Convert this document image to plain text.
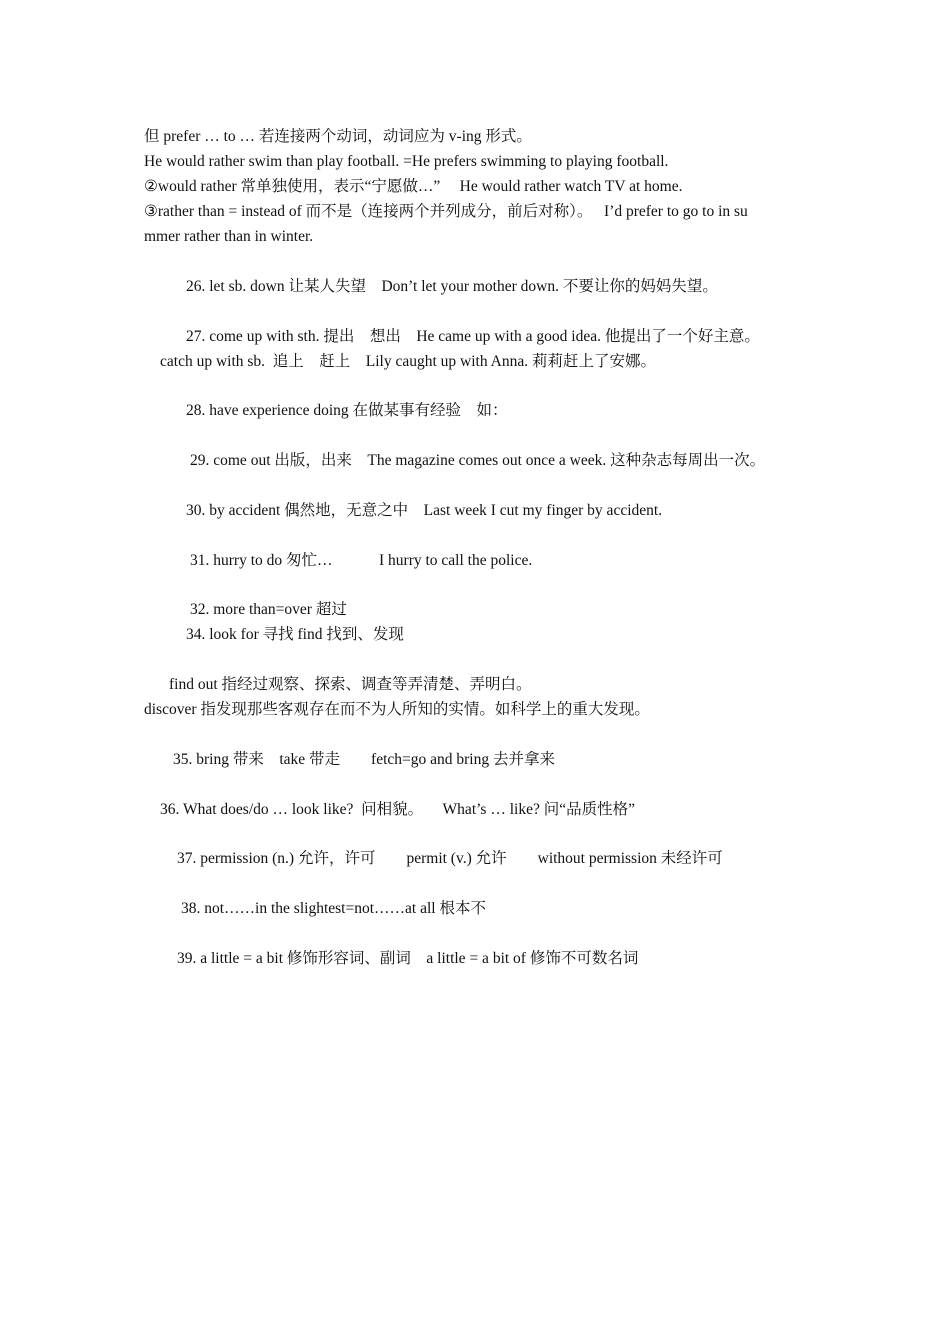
但 prefer … to … 若连接两个动词，动词应为 v-ing 形式。
He would rather swim than play football. =He prefers swimming to playing football.
②would rather 常单独使用，表示“宁愿做…”     He would rather watch TV at home.
③rather than = instead of 而不是（连接两个并列成分，前后对称）。   I’d prefer to go to in su
mmer rather than in winter.
26. let sb. down 让某人失望    Don’t let your mother down. 不要让你的妈妈失望。
27. come up with sth. 提出    想出    He came up with a good idea. 他提出了一个好主意。
catch up with sb.  追上    赶上    Lily caught up with Anna. 莉莉赶上了安娜。
28. have experience doing 在做某事有经验    如：
29. come out 出版，出来    The magazine comes out once a week. 这种杂志每周出一次。
30. by accident 偶然地，无意之中    Last week I cut my finger by accident.
31. hurry to do 匆忙…            I hurry to call the police.
32. more than=over 超过
34. look for 寻找 find 找到、发现
find out 指经过观察、探索、调查等弄清楚、弄明白。
discover 指发现那些客观存在而不为人所知的实情。如科学上的重大发现。
35. bring 带来    take 带走        fetch=go and bring 去并拿来
36. What does/do … look like?  问相貌。     What’s … like? 问“品质性格”
37. permission (n.) 允许，许可        permit (v.) 允许        without permission 未经许可
38. not……in the slightest=not……at all 根本不
39. a little = a bit 修饰形容词、副词    a little = a bit of 修饰不可数名词
